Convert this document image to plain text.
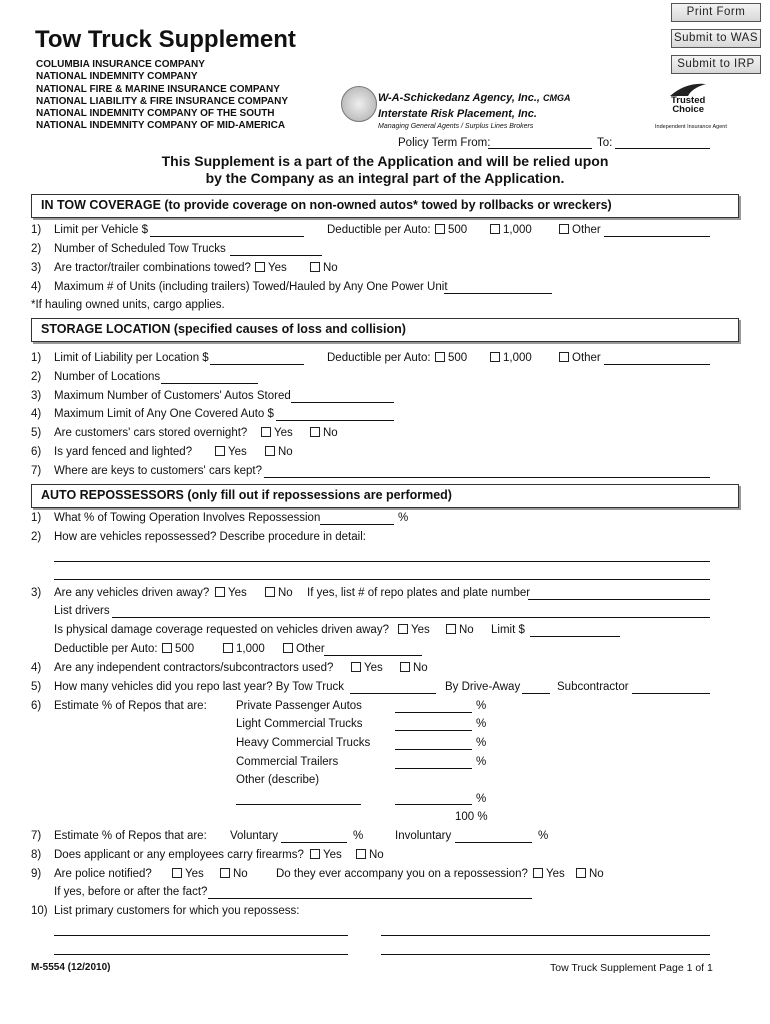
Print Form
Submit to WAS
Submit to IRP
Tow Truck Supplement
COLUMBIA INSURANCE COMPANY
NATIONAL INDEMNITY COMPANY
NATIONAL FIRE & MARINE INSURANCE COMPANY
NATIONAL LIABILITY & FIRE INSURANCE COMPANY
NATIONAL INDEMNITY COMPANY OF THE SOUTH
NATIONAL INDEMNITY COMPANY OF MID-AMERICA
W-A-Schickedanz Agency, Inc., CMGA
Interstate Risk Placement, Inc.
Managing General Agents / Surplus Lines Brokers
Trusted
Choice
Independent Insurance Agent
Policy Term From:	To:
This Supplement is a part of the Application and will be relied upon
by the Company as an integral part of the Application.
IN TOW COVERAGE (to provide coverage on non-owned autos* towed by rollbacks or wreckers)
1) Limit per Vehicle $	Deductible per Auto:	500	1,000	Other
2) Number of Scheduled Tow Trucks
3) Are tractor/trailer combinations towed?	Yes	No
4) Maximum # of Units (including trailers) Towed/Hauled by Any One Power Unit
*If hauling owned units, cargo applies.
STORAGE LOCATION (specified causes of loss and collision)
1) Limit of Liability per Location $	Deductible per Auto:	500	1,000	Other
2) Number of Locations
3) Maximum Number of Customers' Autos Stored
4) Maximum Limit of Any One Covered Auto $
5) Are customers' cars stored overnight?	Yes	No
6) Is yard fenced and lighted?	Yes	No
7) Where are keys to customers' cars kept?
AUTO REPOSSESSORS (only fill out if repossessions are performed)
1) What % of Towing Operation Involves Repossession	%
2) How are vehicles repossessed? Describe procedure in detail:
3) Are any vehicles driven away?	Yes	No If yes, list # of repo plates and plate number
List drivers
Is physical damage coverage requested on vehicles driven away?	Yes	No Limit $
Deductible per Auto:	500	1,000	Other
4) Are any independent contractors/subcontractors used?	Yes	No
5) How many vehicles did you repo last year? By Tow Truck	By Drive-Away	Subcontractor
6) Estimate % of Repos that are:	Private Passenger Autos	%
Light Commercial Trucks	%
Heavy Commercial Trucks	%
Commercial Trailers	%
Other (describe)
%
100 %
7) Estimate % of Repos that are: Voluntary	%	Involuntary	%
8) Does applicant or any employees carry firearms?	Yes	No
9) Are police notified?	Yes	No Do they ever accompany you on a repossession?	Yes	No
If yes, before or after the fact?
10) List primary customers for which you repossess:
M-5554 (12/2010)	Tow Truck Supplement Page 1 of 1
